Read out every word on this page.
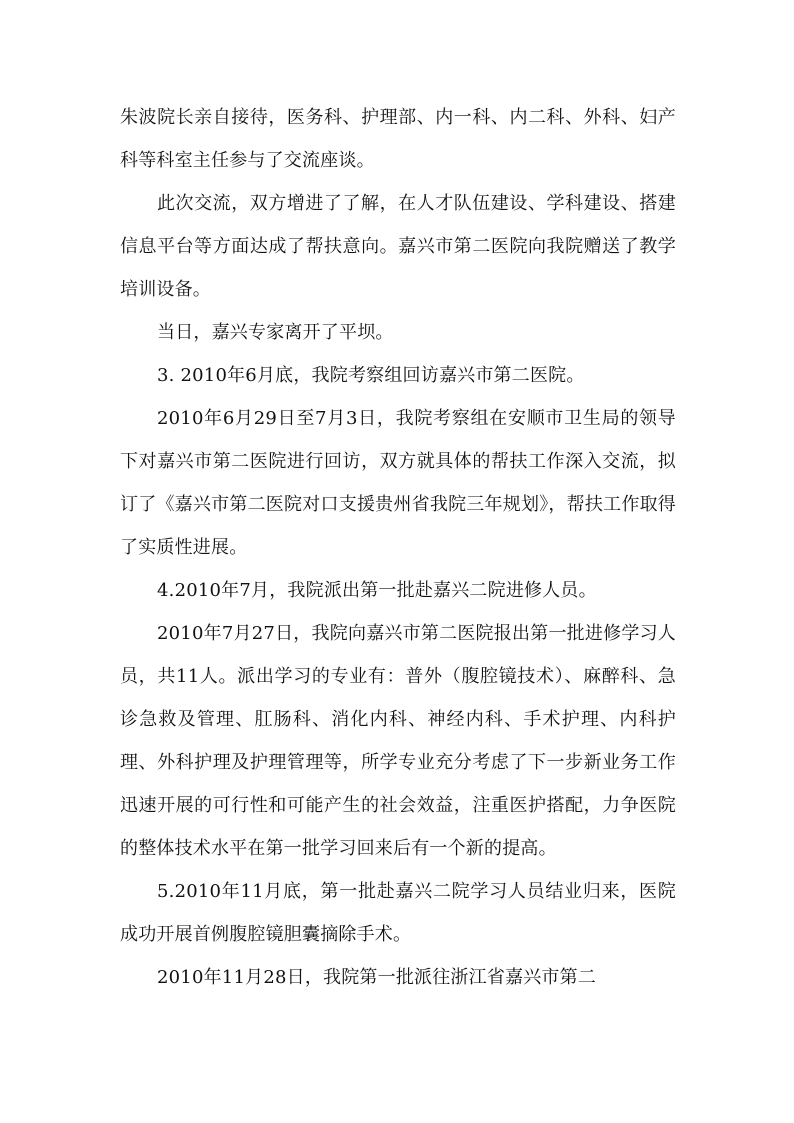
朱波院长亲自接待，医务科、护理部、内一科、内二科、外科、妇产科等科室主任参与了交流座谈。

此次交流，双方增进了了解，在人才队伍建设、学科建设、搭建信息平台等方面达成了帮扶意向。嘉兴市第二医院向我院赠送了教学培训设备。

当日，嘉兴专家离开了平坝。

3. 2010年6月底，我院考察组回访嘉兴市第二医院。

2010年6月29日至7月3日，我院考察组在安顺市卫生局的领导下对嘉兴市第二医院进行回访，双方就具体的帮扶工作深入交流，拟订了《嘉兴市第二医院对口支援贵州省我院三年规划》，帮扶工作取得了实质性进展。

4.2010年7月，我院派出第一批赴嘉兴二院进修人员。

2010年7月27日，我院向嘉兴市第二医院报出第一批进修学习人员，共11人。派出学习的专业有：普外（腹腔镜技术）、麻醉科、急诊急救及管理、肛肠科、消化内科、神经内科、手术护理、内科护理、外科护理及护理管理等，所学专业充分考虑了下一步新业务工作迅速开展的可行性和可能产生的社会效益，注重医护搭配，力争医院的整体技术水平在第一批学习回来后有一个新的提高。

5.2010年11月底，第一批赴嘉兴二院学习人员结业归来，医院成功开展首例腹腔镜胆囊摘除手术。

2010年11月28日，我院第一批派往浙江省嘉兴市第二
